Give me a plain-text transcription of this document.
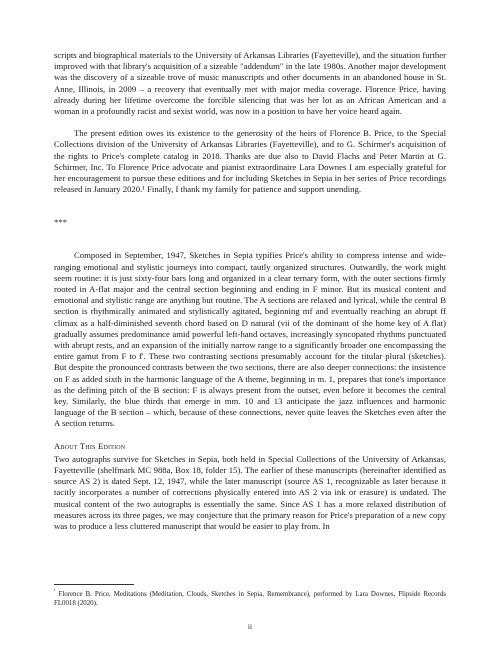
scripts and biographical materials to the University of Arkansas Libraries (Fayetteville), and the situation further improved with that library's acquisition of a sizeable "addendum" in the late 1980s. Another major development was the discovery of a sizeable trove of music manuscripts and other documents in an abandoned house in St. Anne, Illinois, in 2009 – a recovery that eventually met with major media coverage. Florence Price, having already during her lifetime overcome the forcible silencing that was her lot as an African American and a woman in a profoundly racist and sexist world, was now in a position to have her voice heard again.

The present edition owes its existence to the generosity of the heirs of Florence B. Price, to the Special Collections division of the University of Arkansas Libraries (Fayetteville), and to G. Schirmer's acquisition of the rights to Price's complete catalog in 2018. Thanks are due also to David Flachs and Peter Martin at G. Schirmer, Inc. To Florence Price advocate and pianist extraordinaire Lara Downes I am especially grateful for her encouragement to pursue these editions and for including Sketches in Sepia in her series of Price recordings released in January 2020.¹ Finally, I thank my family for patience and support unending.

***

Composed in September, 1947, Sketches in Sepia typifies Price's ability to compress intense and wide-ranging emotional and stylistic journeys into compact, tautly organized structures. Outwardly, the work might seem routine: it is just sixty-four bars long and organized in a clear ternary form, with the outer sections firmly rooted in A-flat major and the central section beginning and ending in F minor. But its musical content and emotional and stylistic range are anything but routine. The A sections are relaxed and lyrical, while the central B section is rhythmically animated and stylistically agitated, beginning mf and eventually reaching an abrupt ff climax as a half-diminished seventh chord based on D natural (vii of the dominant of the home key of A flat) gradually assumes predominance amid powerful left-hand octaves, increasingly syncopated rhythms punctuated with abrupt rests, and an expansion of the initially narrow range to a significantly broader one encompassing the entire gamut from F to f'. These two contrasting sections presumably account for the titular plural (sketches). But despite the pronounced contrasts between the two sections, there are also deeper connections: the insistence on F as added sixth in the harmonic language of the A theme, beginning in m. 1, prepares that tone's importance as the defining pitch of the B section: F is always present from the outset, even before it becomes the central key. Similarly, the blue thirds that emerge in mm. 10 and 13 anticipate the jazz influences and harmonic language of the B section – which, because of these connections, never quite leaves the Sketches even after the A section returns.

About This Edition

Two autographs survive for Sketches in Sepia, both held in Special Collections of the University of Arkansas, Fayetteville (shelfmark MC 988a, Box 18, folder 15). The earlier of these manuscripts (hereinafter identified as source AS 2) is dated Sept. 12, 1947, while the later manuscript (source AS 1, recognizable as later because it tacitly incorporates a number of corrections physically entered into AS 2 via ink or erasure) is undated. The musical content of the two autographs is essentially the same. Since AS 1 has a more relaxed distribution of measures across its three pages, we may conjecture that the primary reason for Price's preparation of a new copy was to produce a less cluttered manuscript that would be easier to play from. In

$^{^1}$ Florence B. Price, Meditations (Meditation, Clouds, Sketches in Sepia, Remembrance), performed by Lara Downes, Flipside Records FL0018 (2020).
ii
